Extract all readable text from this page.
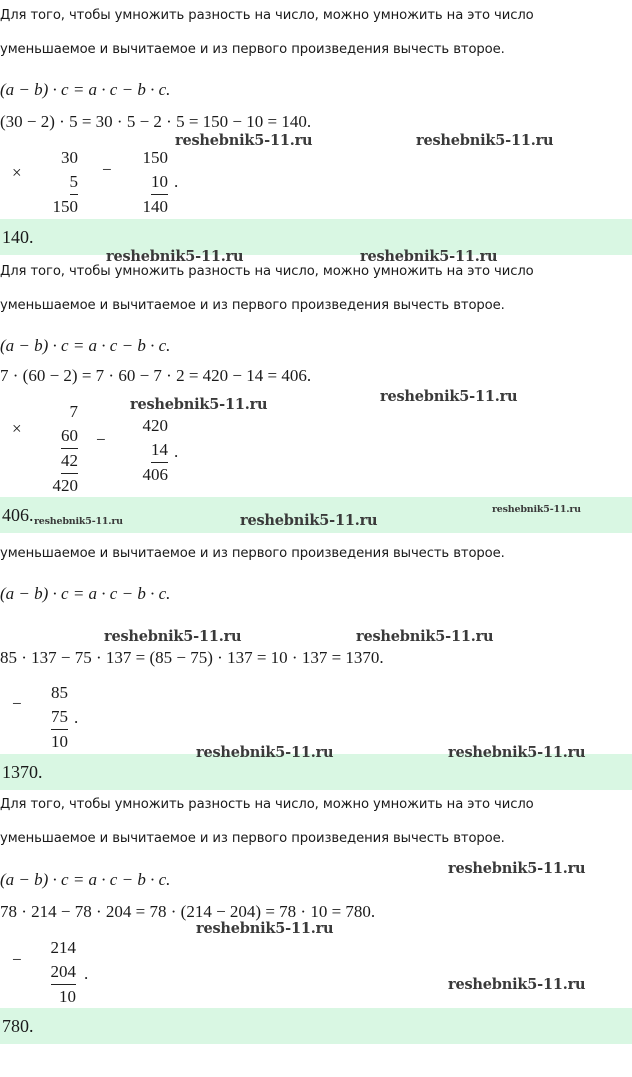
Для того, чтобы умножить разность на число, можно умножить на это число
уменьшаемое и вычитаемое и из первого произведения вычесть второе.
(a − b) · c = a · c − b · c.
(30 − 2) · 5 = 30 · 5 − 2 · 5 = 150 − 10 = 140.
×
30
5
150
−
150
10
140
.
140.
Для того, чтобы умножить разность на число, можно умножить на это число
уменьшаемое и вычитаемое и из первого произведения вычесть второе.
(a − b) · c = a · c − b · c.
7 · (60 − 2) = 7 · 60 − 7 · 2 = 420 − 14 = 406.
×
7
60
42
420
−
420
14
406
.
406.
уменьшаемое и вычитаемое и из первого произведения вычесть второе.
(a − b) · c = a · c − b · c.
85 · 137 − 75 · 137 = (85 − 75) · 137 = 10 · 137 = 1370.
−
85
75
10
.
1370.
Для того, чтобы умножить разность на число, можно умножить на это число
уменьшаемое и вычитаемое и из первого произведения вычесть второе.
(a − b) · c = a · c − b · c.
78 · 214 − 78 · 204 = 78 · (214 − 204) = 78 · 10 = 780.
−
214
204
10
.
780.
reshebnik5-11.ru	reshebnik5-11.ru
reshebnik5-11.ru	reshebnik5-11.ru
reshebnik5-11.ru	reshebnik5-11.ru
reshebnik5-11.ru	reshebnik5-11.ru
reshebnik5-11.ru
reshebnik5-11.ru	reshebnik5-11.ru
reshebnik5-11.ru	reshebnik5-11.ru
reshebnik5-11.ru
reshebnik5-11.ru
reshebnik5-11.ru
